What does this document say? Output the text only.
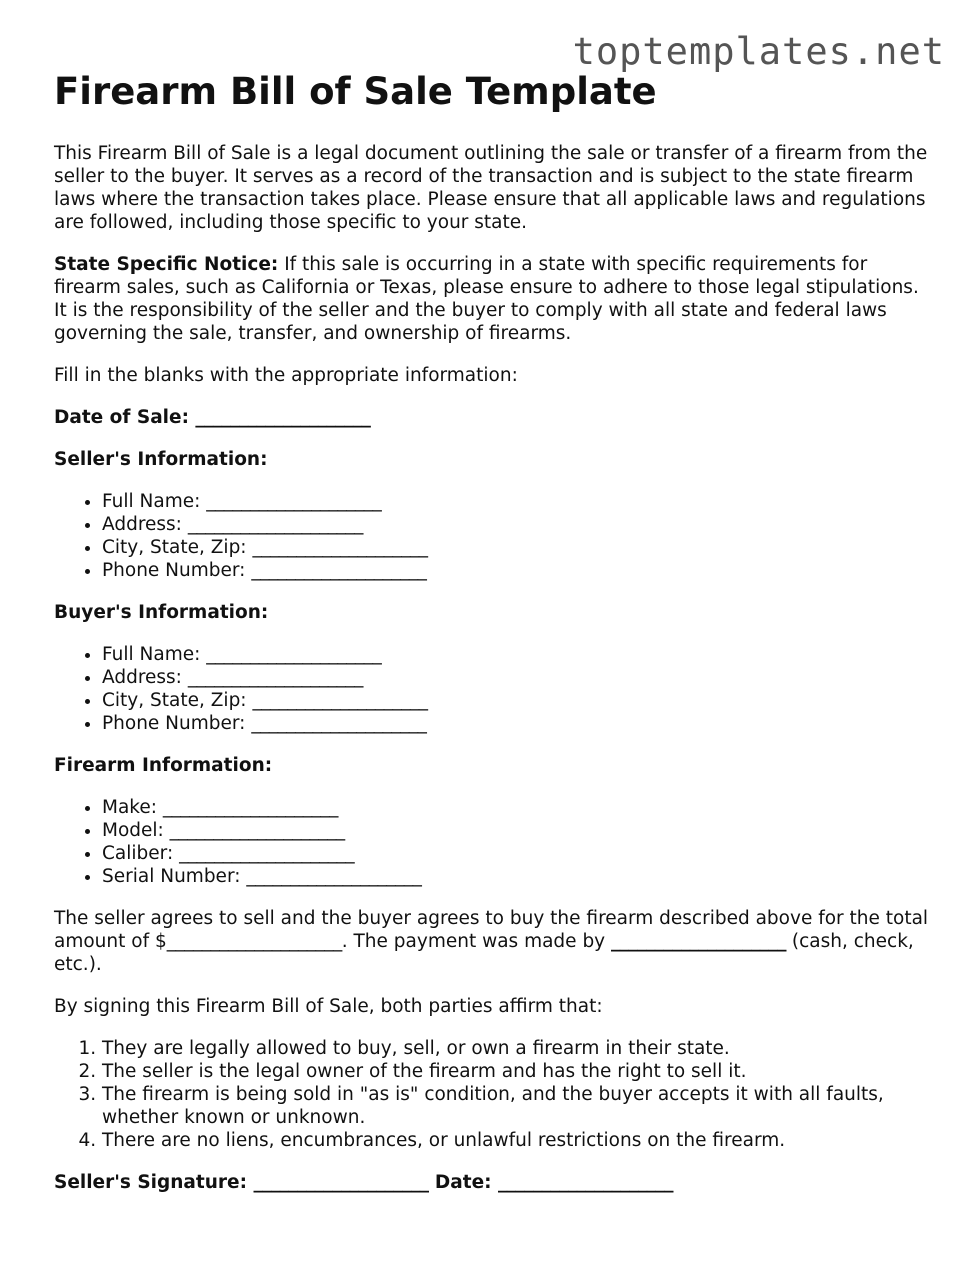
toptemplates.net
Firearm Bill of Sale Template

This Firearm Bill of Sale is a legal document outlining the sale or transfer of a firearm from the seller to the buyer. It serves as a record of the transaction and is subject to the state firearm laws where the transaction takes place. Please ensure that all applicable laws and regulations are followed, including those specific to your state.

State Specific Notice: If this sale is occurring in a state with specific requirements for firearm sales, such as California or Texas, please ensure to adhere to those legal stipulations. It is the responsibility of the seller and the buyer to comply with all state and federal laws governing the sale, transfer, and ownership of firearms.

Fill in the blanks with the appropriate information:

Date of Sale: ____________________

Seller's Information:

• Full Name: ____________________
• Address: ____________________
• City, State, Zip: ____________________
• Phone Number: ____________________

Buyer's Information:

• Full Name: ____________________
• Address: ____________________
• City, State, Zip: ____________________
• Phone Number: ____________________

Firearm Information:

• Make: ____________________
• Model: ____________________
• Caliber: ____________________
• Serial Number: ____________________

The seller agrees to sell and the buyer agrees to buy the firearm described above for the total amount of $____________________. The payment was made by ____________________ (cash, check, etc.).

By signing this Firearm Bill of Sale, both parties affirm that:

1. They are legally allowed to buy, sell, or own a firearm in their state.
2. The seller is the legal owner of the firearm and has the right to sell it.
3. The firearm is being sold in "as is" condition, and the buyer accepts it with all faults, whether known or unknown.
4. There are no liens, encumbrances, or unlawful restrictions on the firearm.

Seller's Signature: ____________________ Date: ____________________
